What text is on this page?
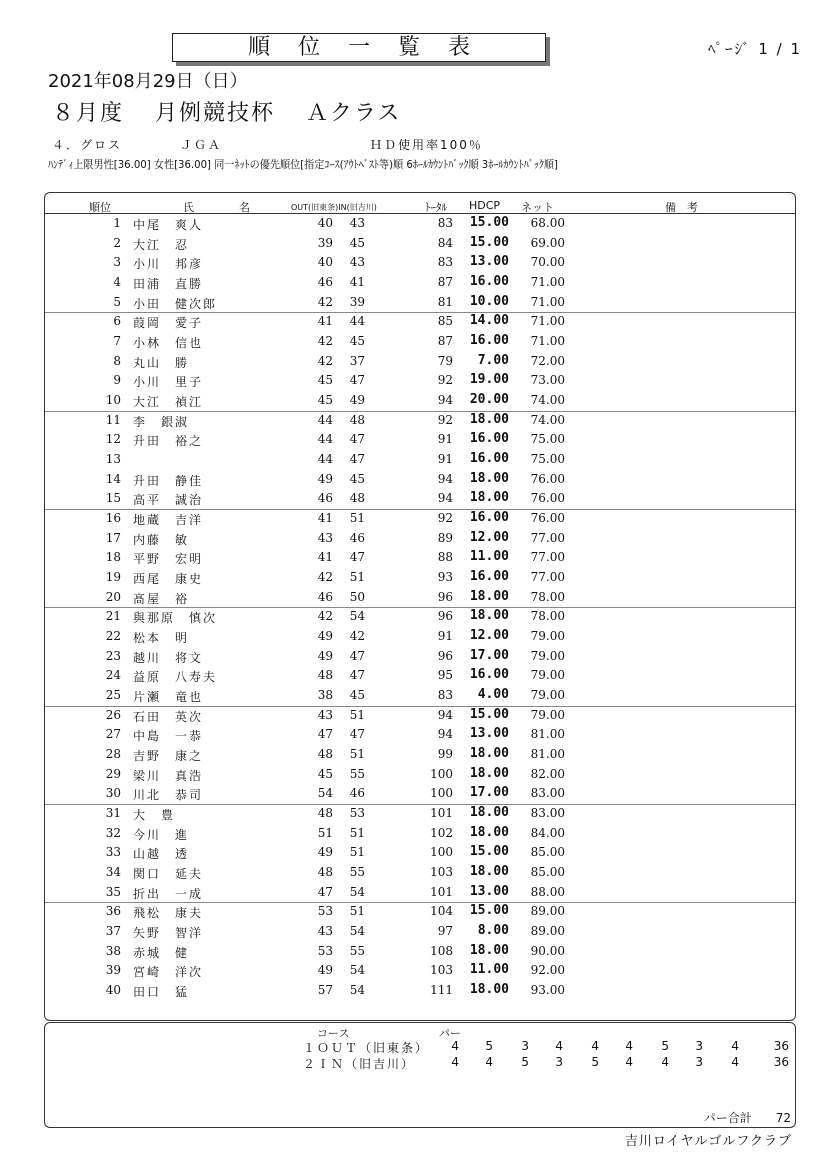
順位一覧表	ﾍﾟｰｼﾞ 1 / 1
2021年08月29日（日）
８月度 月例競技杯 Ａクラス
４．グロス	ＪＧＡ	ＨＤ使用率100％
ﾊﾝﾃﾞｨ上限男性[36.00] 女性[36.00] 同一ﾈｯﾄの優先順位[指定ｺｰｽ(ｱｳﾄﾍﾞｽﾄ等)順 6ﾎｰﾙｶｳﾝﾄﾊﾞｯｸ順 3ﾎｰﾙｶｳﾝﾄﾊﾞｯｸ順]
順位	氏	名	OUT(旧東条)IN(旧吉川)	ﾄｰﾀﾙ HDCP ネット	備　考
1 中尾　爽人	40	43	83	15.00	68.00
2 大江　忍	39	45	84	15.00	69.00
3 小川　邦彦	40	43	83	13.00	70.00
4 田浦　直勝	46	41	87	16.00	71.00
5 小田　健次郎	42	39	81	10.00	71.00
6 葭岡　愛子	41	44	85	14.00	71.00
7 小林　信也	42	45	87	16.00	71.00
8 丸山　勝	42	37	79	7.00	72.00
9 小川　里子	45	47	92	19.00	73.00
10 大江　禎江	45	49	94	20.00	74.00
11 李　銀淑	44	48	92	18.00	74.00
12 升田　裕之	44	47	91	16.00	75.00
13	44	47	91	16.00	75.00
14 升田　静佳	49	45	94	18.00	76.00
15 高平　誠治	46	48	94	18.00	76.00
16 地蔵　吉洋	41	51	92	16.00	76.00
17 内藤　敏	43	46	89	12.00	77.00
18 平野　宏明	41	47	88	11.00	77.00
19 西尾　康史	42	51	93	16.00	77.00
20 髙屋　裕	46	50	96	18.00	78.00
21 與那原　慎次	42	54	96	18.00	78.00
22 松本　明	49	42	91	12.00	79.00
23 越川　将文	49	47	96	17.00	79.00
24 益原　八寿夫	48	47	95	16.00	79.00
25 片瀬　竜也	38	45	83	4.00	79.00
26 石田　英次	43	51	94	15.00	79.00
27 中島　一恭	47	47	94	13.00	81.00
28 吉野　康之	48	51	99	18.00	81.00
29 梁川　真浩	45	55	100	18.00	82.00
30 川北　恭司	54	46	100	17.00	83.00
31 大　豊	48	53	101	18.00	83.00
32 今川　進	51	51	102	18.00	84.00
33 山越　透	49	51	100	15.00	85.00
34 関口　延夫	48	55	103	18.00	85.00
35 折出　一成	47	54	101	13.00	88.00
36 飛松　康夫	53	51	104	15.00	89.00
37 矢野　智洋	43	54	97	8.00	89.00
38 赤城　健	53	55	108	18.00	90.00
39 宮崎　洋次	49	54	103	11.00	92.00
40 田口　猛	57	54	111	18.00	93.00
コース	パー
１ＯＵＴ（旧東条）	4	5	3	4	4	4	5	3	4	36
２ＩＮ（旧吉川）	4	4	5	3	5	4	4	3	4	36
パー合計　　 72
吉川ロイヤルゴルフクラブ
